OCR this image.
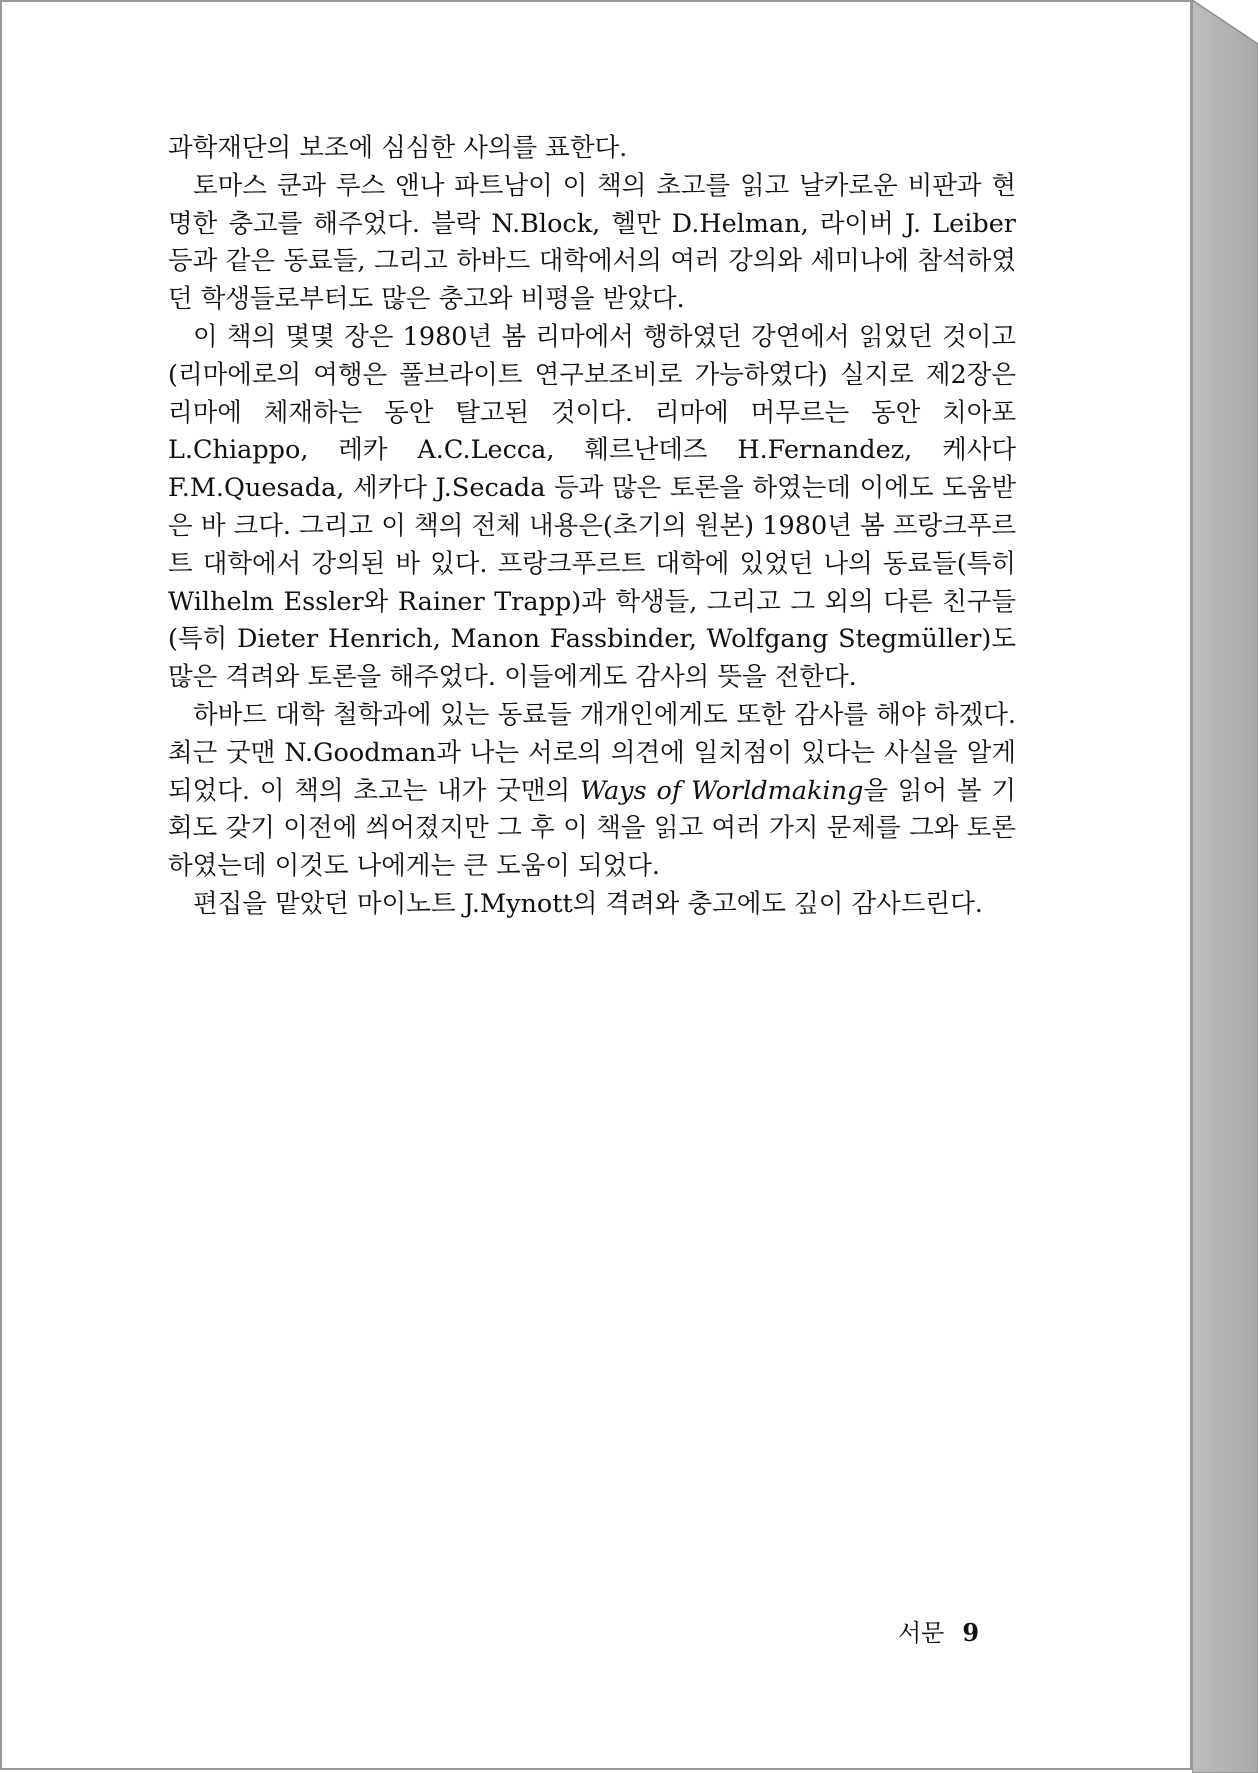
과학재단의 보조에 심심한 사의를 표한다.

토마스 쿤과 루스 앤나 파트남이 이 책의 초고를 읽고 날카로운 비판과 현명한 충고를 해주었다. 블락 N.Block, 헬만 D.Helman, 라이버 J. Leiber 등과 같은 동료들, 그리고 하바드 대학에서의 여러 강의와 세미나에 참석하였던 학생들로부터도 많은 충고와 비평을 받았다.

이 책의 몇몇 장은 1980년 봄 리마에서 행하였던 강연에서 읽었던 것이고(리마에로의 여행은 풀브라이트 연구보조비로 가능하였다) 실지로 제2장은 리마에 체재하는 동안 탈고된 것이다. 리마에 머무르는 동안 치아포 L.Chiappo, 레카 A.C.Lecca, 훼르난데즈 H.Fernandez, 케사다 F.M.Quesada, 세카다 J.Secada 등과 많은 토론을 하였는데 이에도 도움받은 바 크다. 그리고 이 책의 전체 내용은(초기의 원본) 1980년 봄 프랑크푸르트 대학에서 강의된 바 있다. 프랑크푸르트 대학에 있었던 나의 동료들(특히 Wilhelm Essler와 Rainer Trapp)과 학생들, 그리고 그 외의 다른 친구들(특히 Dieter Henrich, Manon Fassbinder, Wolfgang Stegmüller)도 많은 격려와 토론을 해주었다. 이들에게도 감사의 뜻을 전한다.

하바드 대학 철학과에 있는 동료들 개개인에게도 또한 감사를 해야 하겠다. 최근 굿맨 N.Goodman과 나는 서로의 의견에 일치점이 있다는 사실을 알게 되었다. 이 책의 초고는 내가 굿맨의 Ways of Worldmaking을 읽어 볼 기회도 갖기 이전에 씌어졌지만 그 후 이 책을 읽고 여러 가지 문제를 그와 토론하였는데 이것도 나에게는 큰 도움이 되었다.

편집을 맡았던 마이노트 J.Mynott의 격려와 충고에도 깊이 감사드린다.

서문 9
